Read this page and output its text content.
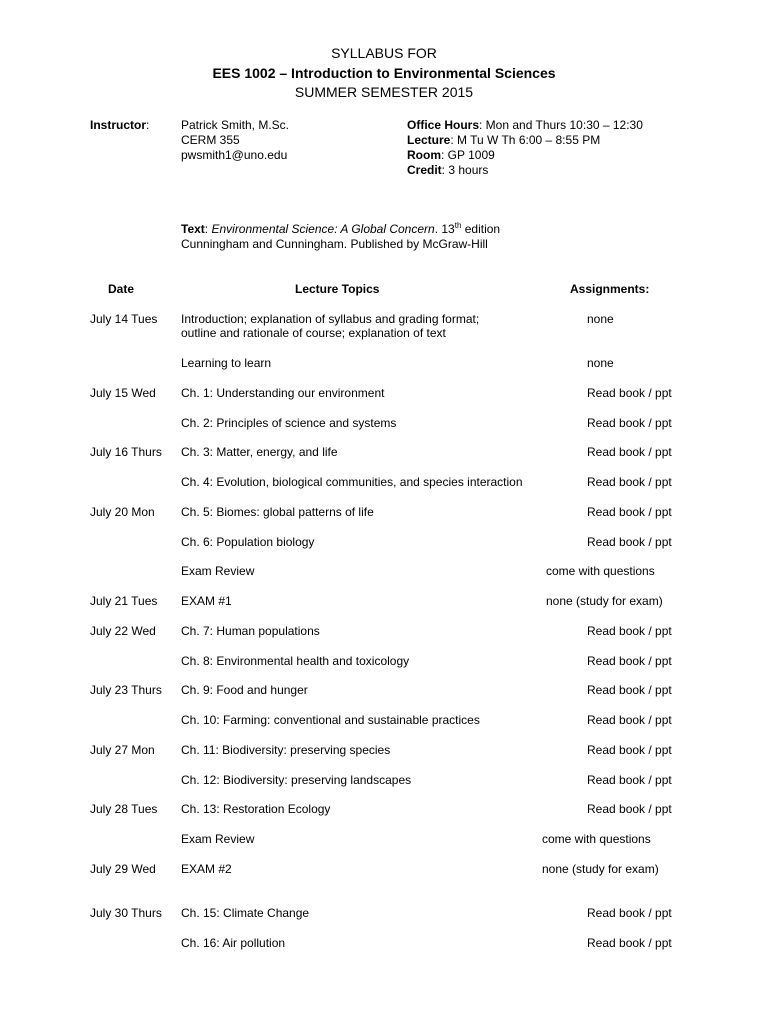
SYLLABUS FOR
EES 1002 – Introduction to Environmental Sciences
SUMMER SEMESTER 2015
Instructor:	Patrick Smith, M.Sc.
CERM 355
pwsmith1@uno.edu
Office Hours: Mon and Thurs 10:30 – 12:30
Lecture: M Tu W Th 6:00 – 8:55 PM
Room: GP 1009
Credit: 3 hours
Text: Environmental Science: A Global Concern. 13th edition
Cunningham and Cunningham. Published by McGraw-Hill
Date	Lecture Topics	Assignments:
July 14 Tues Introduction; explanation of syllabus and grading format;
outline and rationale of course; explanation of text
none
Learning to learn	none
July 15 Wed Ch. 1: Understanding our environment	Read book / ppt
Ch. 2: Principles of science and systems	Read book / ppt
July 16 Thurs Ch. 3: Matter, energy, and life	Read book / ppt
Ch. 4: Evolution, biological communities, and species interaction	Read book / ppt
July 20 Mon Ch. 5: Biomes: global patterns of life	Read book / ppt
Ch. 6: Population biology	Read book / ppt
Exam Review	come with questions
July 21 Tues EXAM #1	none (study for exam)
July 22 Wed Ch. 7: Human populations	Read book / ppt
Ch. 8: Environmental health and toxicology	Read book / ppt
July 23 Thurs Ch. 9: Food and hunger	Read book / ppt
Ch. 10: Farming: conventional and sustainable practices	Read book / ppt
July 27 Mon Ch. 11: Biodiversity: preserving species	Read book / ppt
Ch. 12: Biodiversity: preserving landscapes	Read book / ppt
July 28 Tues Ch. 13: Restoration Ecology	Read book / ppt
Exam Review	come with questions
July 29 Wed EXAM #2	none (study for exam)
July 30 Thurs Ch. 15: Climate Change	Read book / ppt
Ch. 16: Air pollution	Read book / ppt
